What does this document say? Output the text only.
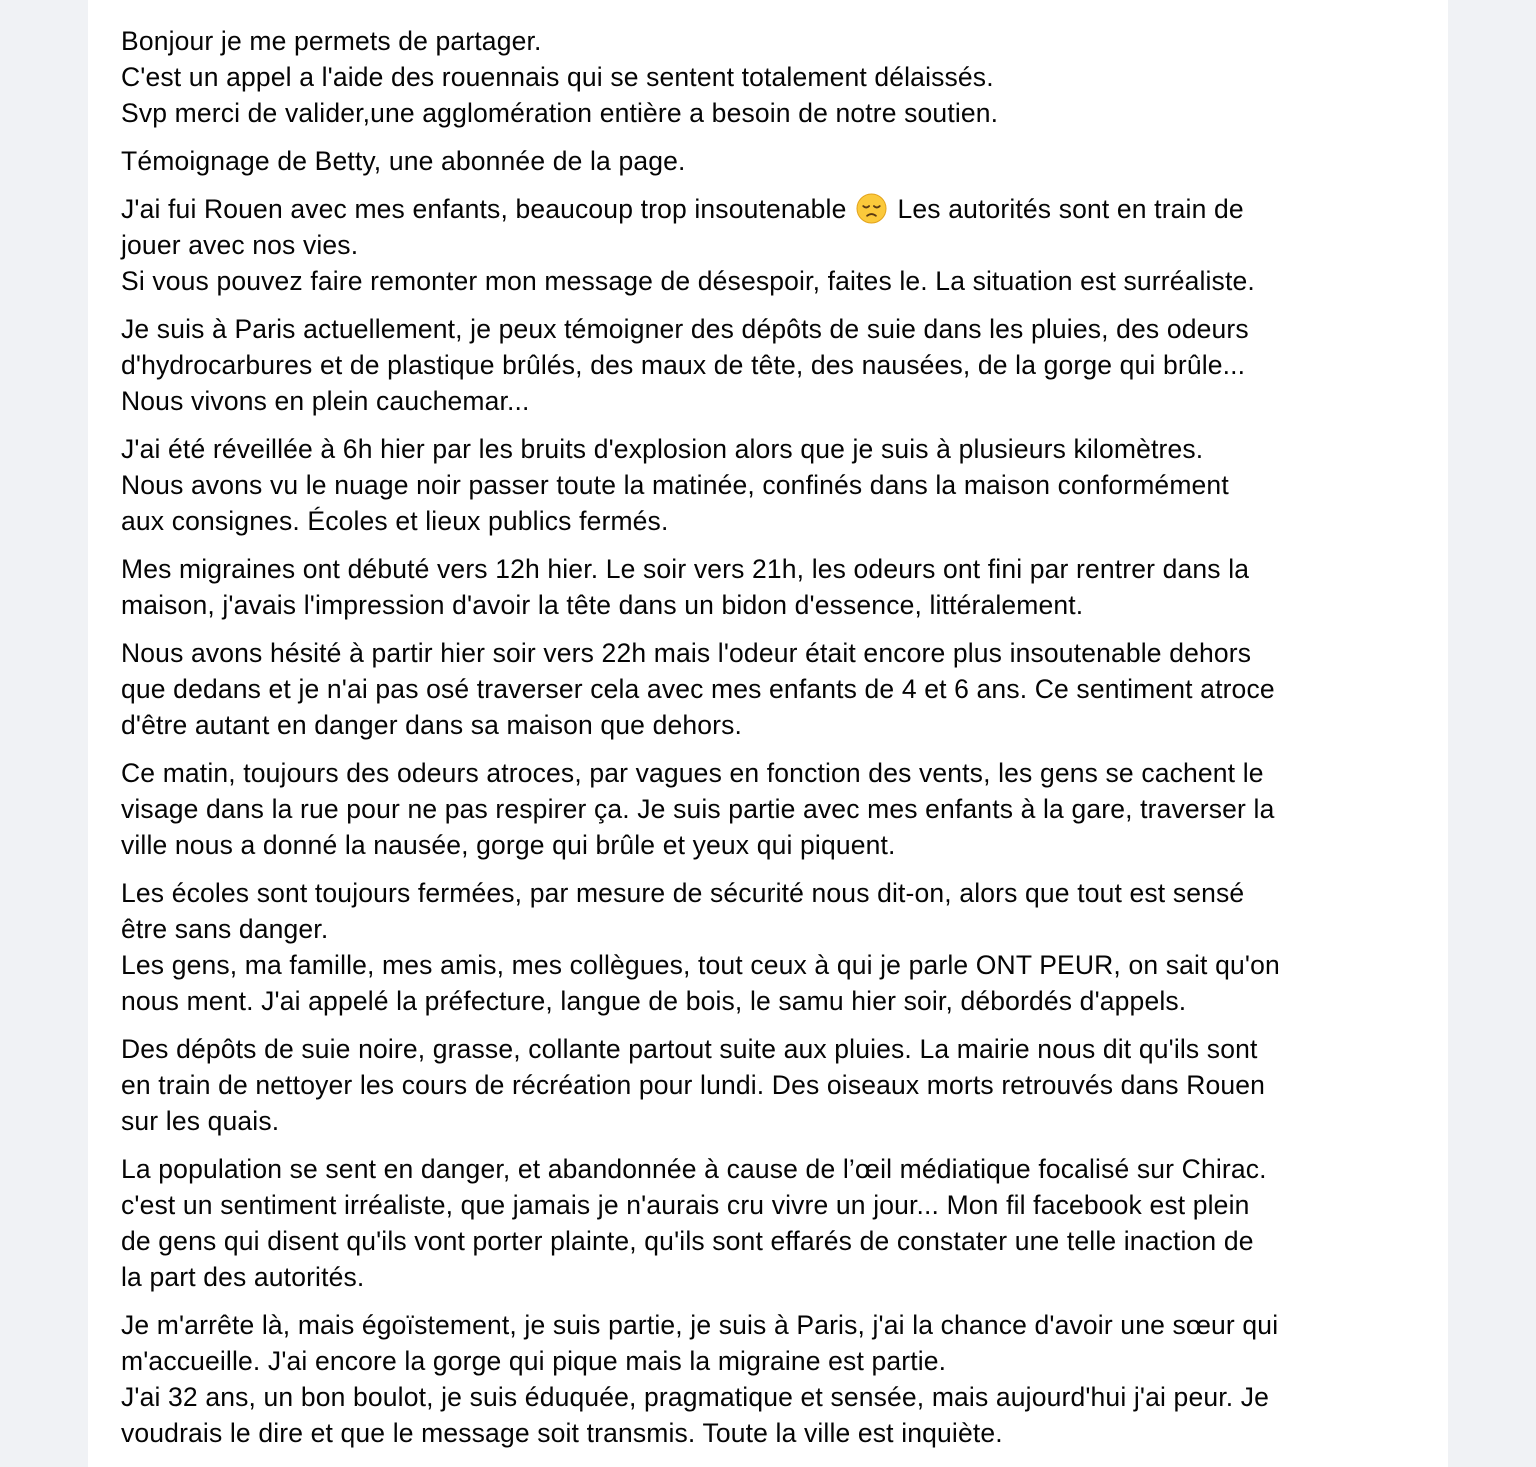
Bonjour je me permets de partager.
C'est un appel a l'aide des rouennais qui se sentent totalement délaissés.
Svp merci de valider,une agglomération entière a besoin de notre soutien.
Témoignage de Betty, une abonnée de la page.
J'ai fui Rouen avec mes enfants, beaucoup trop insoutenable Les autorités sont en train de
jouer avec nos vies.
Si vous pouvez faire remonter mon message de désespoir, faites le. La situation est surréaliste.
Je suis à Paris actuellement, je peux témoigner des dépôts de suie dans les pluies, des odeurs
d'hydrocarbures et de plastique brûlés, des maux de tête, des nausées, de la gorge qui brûle...
Nous vivons en plein cauchemar...
J'ai été réveillée à 6h hier par les bruits d'explosion alors que je suis à plusieurs kilomètres.
Nous avons vu le nuage noir passer toute la matinée, confinés dans la maison conformément
aux consignes. Écoles et lieux publics fermés.
Mes migraines ont débuté vers 12h hier. Le soir vers 21h, les odeurs ont fini par rentrer dans la
maison, j'avais l'impression d'avoir la tête dans un bidon d'essence, littéralement.
Nous avons hésité à partir hier soir vers 22h mais l'odeur était encore plus insoutenable dehors
que dedans et je n'ai pas osé traverser cela avec mes enfants de 4 et 6 ans. Ce sentiment atroce
d'être autant en danger dans sa maison que dehors.
Ce matin, toujours des odeurs atroces, par vagues en fonction des vents, les gens se cachent le
visage dans la rue pour ne pas respirer ça. Je suis partie avec mes enfants à la gare, traverser la
ville nous a donné la nausée, gorge qui brûle et yeux qui piquent.
Les écoles sont toujours fermées, par mesure de sécurité nous dit-on, alors que tout est sensé
être sans danger.
Les gens, ma famille, mes amis, mes collègues, tout ceux à qui je parle ONT PEUR, on sait qu'on
nous ment. J'ai appelé la préfecture, langue de bois, le samu hier soir, débordés d'appels.
Des dépôts de suie noire, grasse, collante partout suite aux pluies. La mairie nous dit qu'ils sont
en train de nettoyer les cours de récréation pour lundi. Des oiseaux morts retrouvés dans Rouen
sur les quais.
La population se sent en danger, et abandonnée à cause de l’œil médiatique focalisé sur Chirac.
c'est un sentiment irréaliste, que jamais je n'aurais cru vivre un jour... Mon fil facebook est plein
de gens qui disent qu'ils vont porter plainte, qu'ils sont effarés de constater une telle inaction de
la part des autorités.
Je m'arrête là, mais égoïstement, je suis partie, je suis à Paris, j'ai la chance d'avoir une sœur qui
m'accueille. J'ai encore la gorge qui pique mais la migraine est partie.
J'ai 32 ans, un bon boulot, je suis éduquée, pragmatique et sensée, mais aujourd'hui j'ai peur. Je
voudrais le dire et que le message soit transmis. Toute la ville est inquiète.
